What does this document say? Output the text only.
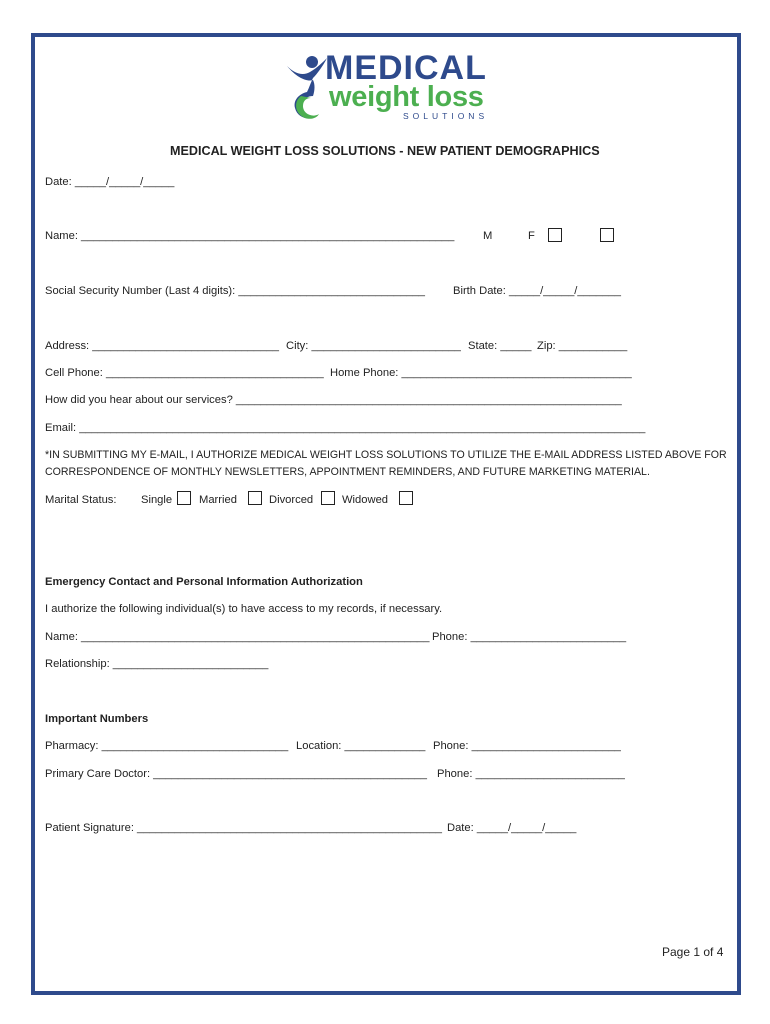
MEDICAL
weight loss
SOLUTIONS
MEDICAL WEIGHT LOSS SOLUTIONS - NEW PATIENT DEMOGRAPHICS
Date: _____/_____/_____
Name: ____________________________________________________________	M	F
Social Security Number (Last 4 digits): ______________________________ Birth Date: _____/_____/_______
Address: ______________________________ City: ________________________ State: _____ Zip: ___________
Cell Phone: ___________________________________ Home Phone: _____________________________________
How did you hear about our services? ______________________________________________________________
Email: ___________________________________________________________________________________________
*IN SUBMITTING MY E-MAIL, I AUTHORIZE MEDICAL WEIGHT LOSS SOLUTIONS TO UTILIZE THE E-MAIL ADDRESS LISTED ABOVE FOR
CORRESPONDENCE OF MONTHLY NEWSLETTERS, APPOINTMENT REMINDERS, AND FUTURE MARKETING MATERIAL.
Marital Status: Single Married	Divorced	Widowed
Emergency Contact and Personal Information Authorization
I authorize the following individual(s) to have access to my records, if necessary.
Name: ________________________________________________________ Phone: _________________________
Relationship: _________________________
Important Numbers
Pharmacy: ______________________________ Location: _____________ Phone: ________________________
Primary Care Doctor: ____________________________________________ Phone: ________________________
Patient Signature: _________________________________________________ Date: _____/_____/_____
Page 1 of 4
